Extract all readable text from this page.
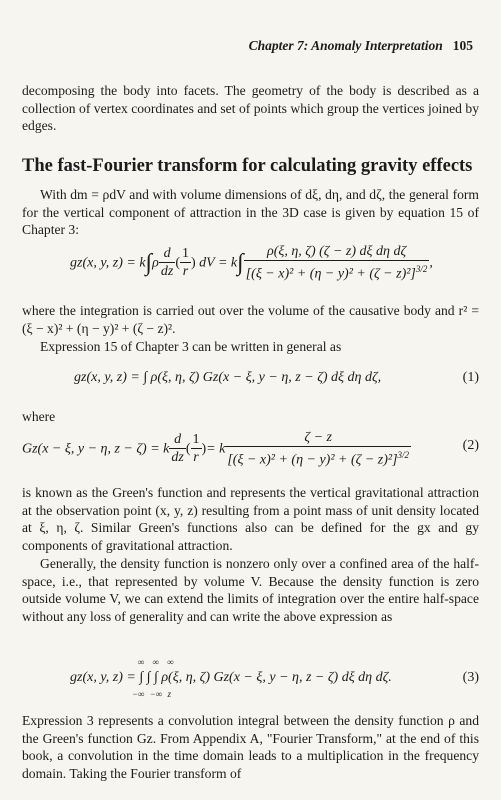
Chapter 7: Anomaly Interpretation 105
decomposing the body into facets. The geometry of the body is described as a collection of vertex coordinates and set of points which group the vertices joined by edges.
The fast-Fourier transform for calculating gravity effects
With dm = ρdV and with volume dimensions of dξ, dη, and dζ, the general form for the vertical component of attraction in the 3D case is given by equation 15 of Chapter 3:
gz(x, y, $z) = k\int\rho \frac{d}{dz}$ ( $\frac{1}{r}$ ) dV = $k\int \frac{\text{ρ(ξ, η, ζ) (ζ − z) dξ dη dζ}}{[(\xi - x)^2 + (\eta - y)^2 + (\zeta - z)^2]^{3/2}}$ ,
where the integration is carried out over the volume of the causative body and r² = (ξ − x)² + (η − y)² + (ζ − z)².
Expression 15 of Chapter 3 can be written in general as
gz(x, y, z) = ∫ ρ(ξ, η, ζ) Gz(x − ξ, y − η, z − ζ) dξ dη dζ,	(1)
where
Gz(x − ξ, y − η, z − ζ) = k $\frac{d}{dz}$ ( $\frac{1}{r}$ )= k $\frac{\zeta - z}{[(\xi - x)^2 + (\eta - y)^2 + (\zeta - z)^2]^{3/2}}$	(2)
is known as the Green's function and represents the vertical gravitational attraction at the observation point (x, y, z) resulting from a point mass of unit density located at ξ, η, ζ. Similar Green's functions also can be defined for the gx and gy components of gravitational attraction.
Generally, the density function is nonzero only over a confined area of the half-space, i.e., that represented by volume V. Because the density function is zero outside volume V, we can extend the limits of integration over the entire half-space without any loss of generality and can write the above expression as
∞ ∞ ∞
gz(x, y, z) = ∫ ∫ ∫ ρ(ξ, η, ζ) Gz(x − ξ, y − η, z − ζ) dξ dη dζ.
−∞ −∞ z
(3)
Expression 3 represents a convolution integral between the density function ρ and the Green's function Gz. From Appendix A, "Fourier Transform," at the end of this book, a convolution in the time domain leads to a multiplication in the frequency domain. Taking the Fourier transform of
